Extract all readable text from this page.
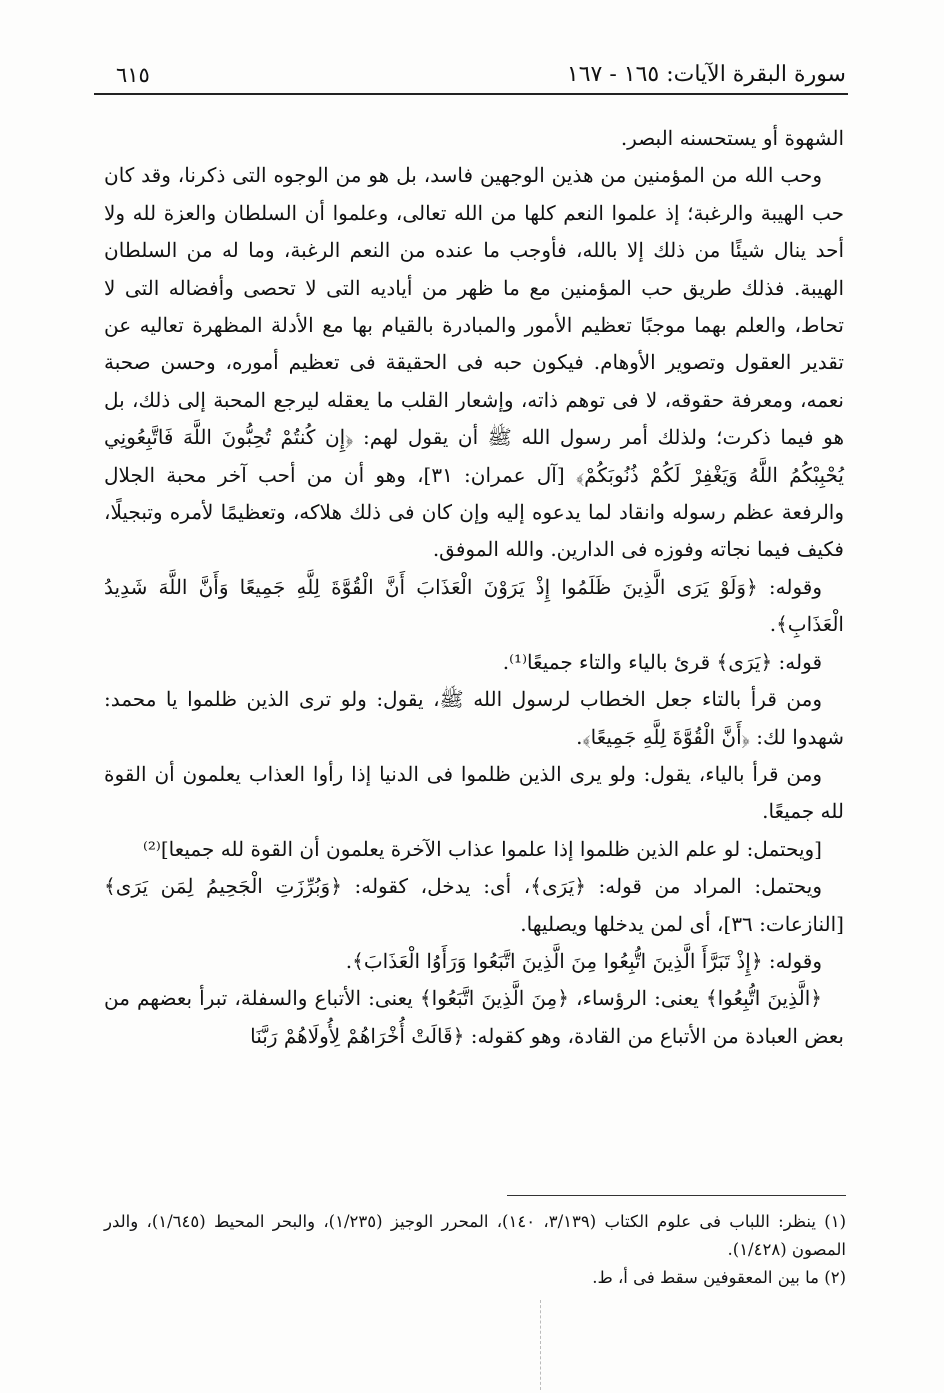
سورة البقرة الآيات: ١٦٥ - ١٦٧
٦١٥

الشهوة أو يستحسنه البصر.

وحب الله من المؤمنين من هذين الوجهين فاسد، بل هو من الوجوه التى ذكرنا، وقد كان حب الهيبة والرغبة؛ إذ علموا النعم كلها من الله تعالى، وعلموا أن السلطان والعزة لله ولا أحد ينال شيئًا من ذلك إلا بالله، فأوجب ما عنده من النعم الرغبة، وما له من السلطان الهيبة. فذلك طريق حب المؤمنين مع ما ظهر من أياديه التى لا تحصى وأفضاله التى لا تحاط، والعلم بهما موجبًا تعظيم الأمور والمبادرة بالقيام بها مع الأدلة المظهرة تعاليه عن تقدير العقول وتصوير الأوهام. فيكون حبه فى الحقيقة فى تعظيم أموره، وحسن صحبة نعمه، ومعرفة حقوقه، لا فى توهم ذاته، وإشعار القلب ما يعقله ليرجع المحبة إلى ذلك، بل هو فيما ذكرت؛ ولذلك أمر رسول الله ﷺ أن يقول لهم: ﴿إِن كُنتُمْ تُحِبُّونَ اللَّهَ فَاتَّبِعُونِي يُحْبِبْكُمُ اللَّهُ وَيَغْفِرْ لَكُمْ ذُنُوبَكُمْ﴾ [آل عمران: ٣١]، وهو أن من أحب آخر محبة الجلال والرفعة عظم رسوله وانقاد لما يدعوه إليه وإن كان فى ذلك هلاكه، وتعظيمًا لأمره وتبجيلًا، فكيف فيما نجاته وفوزه فى الدارين. والله الموفق.

وقوله: ﴿وَلَوْ يَرَى الَّذِينَ ظَلَمُوا إِذْ يَرَوْنَ الْعَذَابَ أَنَّ الْقُوَّةَ لِلَّهِ جَمِيعًا وَأَنَّ اللَّهَ شَدِيدُ الْعَذَابِ﴾.

قوله: ﴿يَرَى﴾ قرئ بالياء والتاء جميعًا⁽¹⁾.

ومن قرأ بالتاء جعل الخطاب لرسول الله ﷺ، يقول: ولو ترى الذين ظلموا يا محمد: شهدوا لك: ﴿أَنَّ الْقُوَّةَ لِلَّهِ جَمِيعًا﴾.

ومن قرأ بالياء، يقول: ولو يرى الذين ظلموا فى الدنيا إذا رأوا العذاب يعلمون أن القوة لله جميعًا.

[ويحتمل: لو علم الذين ظلموا إذا علموا عذاب الآخرة يعلمون أن القوة لله جميعا]⁽²⁾

ويحتمل: المراد من قوله: ﴿يَرَى﴾، أى: يدخل، كقوله: ﴿وَبُرِّزَتِ الْجَحِيمُ لِمَن يَرَى﴾ [النازعات: ٣٦]، أى لمن يدخلها ويصليها.

وقوله: ﴿إِذْ تَبَرَّأَ الَّذِينَ اتُّبِعُوا مِنَ الَّذِينَ اتَّبَعُوا وَرَأَوُا الْعَذَابَ﴾.

﴿الَّذِينَ اتُّبِعُوا﴾ يعنى: الرؤساء، ﴿مِنَ الَّذِينَ اتَّبَعُوا﴾ يعنى: الأتباع والسفلة، تبرأ بعضهم من بعض العبادة من الأتباع من القادة، وهو كقوله: ﴿قَالَتْ أُخْرَاهُمْ لِأُولَاهُمْ رَبَّنَا

(١) ينظر: اللباب فى علوم الكتاب (٣/١٣٩، ١٤٠)، المحرر الوجيز (١/٢٣٥)، والبحر المحيط (١/٦٤٥)، والدر المصون (١/٤٢٨).

(٢) ما بين المعقوفين سقط فى أ، ط.
